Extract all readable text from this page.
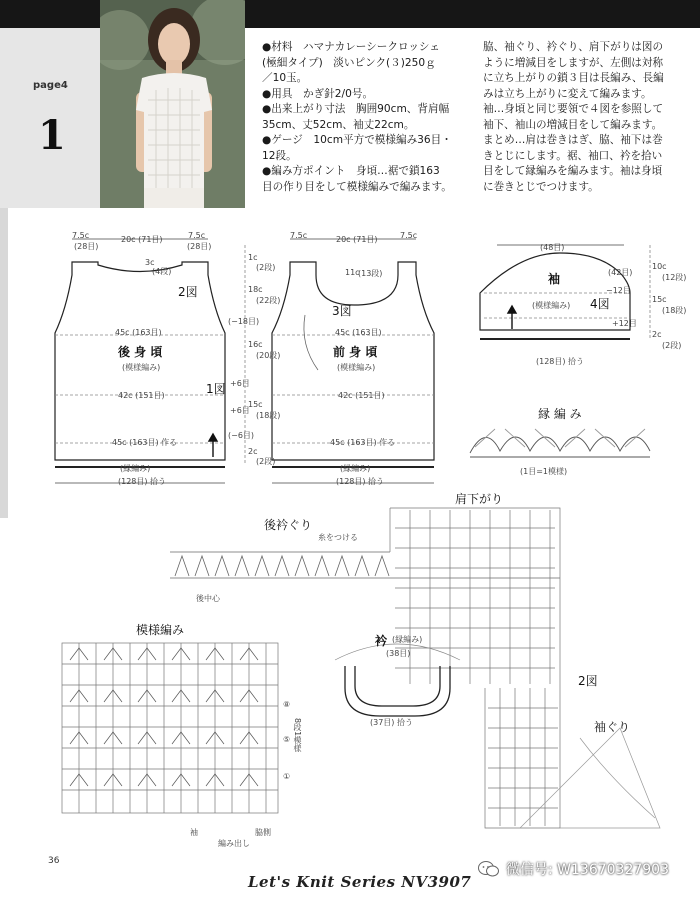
page4
1
●材料　ハマナカレーシークロッシェ
(極細タイプ)　淡いピンク(３)250ｇ
／10玉。
●用具　かぎ針2/0号。
●出来上がり寸法　胸囲90cm、背肩幅
35cm、丈52cm、袖丈22cm。
●ゲージ　10cm平方で模様編み36目・
12段。
●編み方ポイント　身頃…裾で鎖163
目の作り目をして模様編みで編みます。
脇、袖ぐり、衿ぐり、肩下がりは図の
ように増減目をしますが、左側は対称
に立ち上がりの鎖３目は長編み、長編
みは立ち上がりに変えて編みます。
袖…身頃と同じ要領で４図を参照して
袖下、袖山の増減目をして編みます。
まとめ…肩は巻きはぎ、脇、袖下は巻
きとじにします。裾、袖口、衿を拾い
目をして縁編みを編みます。袖は身頃
に巻きとじでつけます。
後 身 頃
(模様編み)
前 身 頃
(模様編み)
2図
3図
1図
袖
(模様編み) 4図
縁 編 み
7.5c	20c (71目)	7.5c
(28目)	(28目)
3c
(4段)
7.5c	20c (71目)	7.5c
11c
(13段)
45c (163目)	45c (163目)
42c (151目)	42c (151目)
45c (163目) 作る	45c (163目) 作る
(縁編み)	(縁編み)
(128目) 拾う	(128目) 拾う
1c
18c
16c
15c
2c
(2段)
(22段)
(20段)
(18段)
(2段)
(−18目)
+6目
+6目
(−6目)
(48目)
(42目)
10c
15c
2c
(128目) 拾う
(12段)
(18段)
(2段)
−12目
+12目
(1目=1模様)
後衿ぐり
肩下がり
糸をつける
後中心
模様編み
8段1模様
⑧
⑤
①
袖	脇側
編み出し
衿 (縁編み)
(38目)
(37目) 拾う
2図
袖ぐり
36
Let's Knit Series NV3907
微信号: W13670327903
